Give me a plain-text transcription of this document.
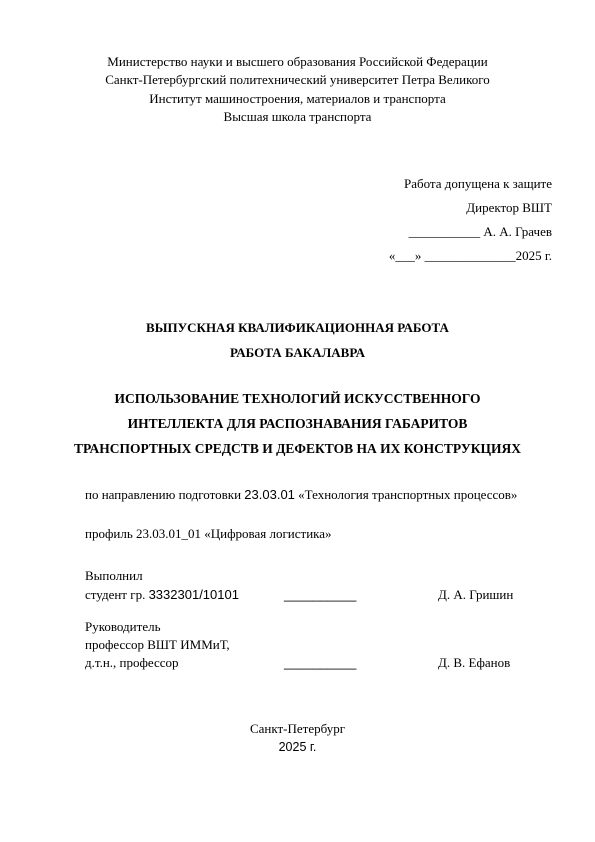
Министерство науки и высшего образования Российской Федерации
Санкт-Петербургский политехнический университет Петра Великого
Институт машиностроения, материалов и транспорта
Высшая школа транспорта
Работа допущена к защите
Директор ВШТ
___________ А. А. Грачев
«___» ______________2025 г.
ВЫПУСКНАЯ КВАЛИФИКАЦИОННАЯ РАБОТА
РАБОТА БАКАЛАВРА
ИСПОЛЬЗОВАНИЕ ТЕХНОЛОГИЙ ИСКУССТВЕННОГО
ИНТЕЛЛЕКТА ДЛЯ РАСПОЗНАВАНИЯ ГАБАРИТОВ
ТРАНСПОРТНЫХ СРЕДСТВ И ДЕФЕКТОВ НА ИХ КОНСТРУКЦИЯХ
по направлению подготовки 23.03.01 «Технология транспортных процессов»
профиль 23.03.01_01 «Цифровая логистика»
Выполнил
студент гр. 3332301/10101	__________	Д. А. Гришин
Руководитель
профессор ВШТ ИММиТ,
д.т.н., профессор	__________	Д. В. Ефанов
Санкт-Петербург
2025 г.
